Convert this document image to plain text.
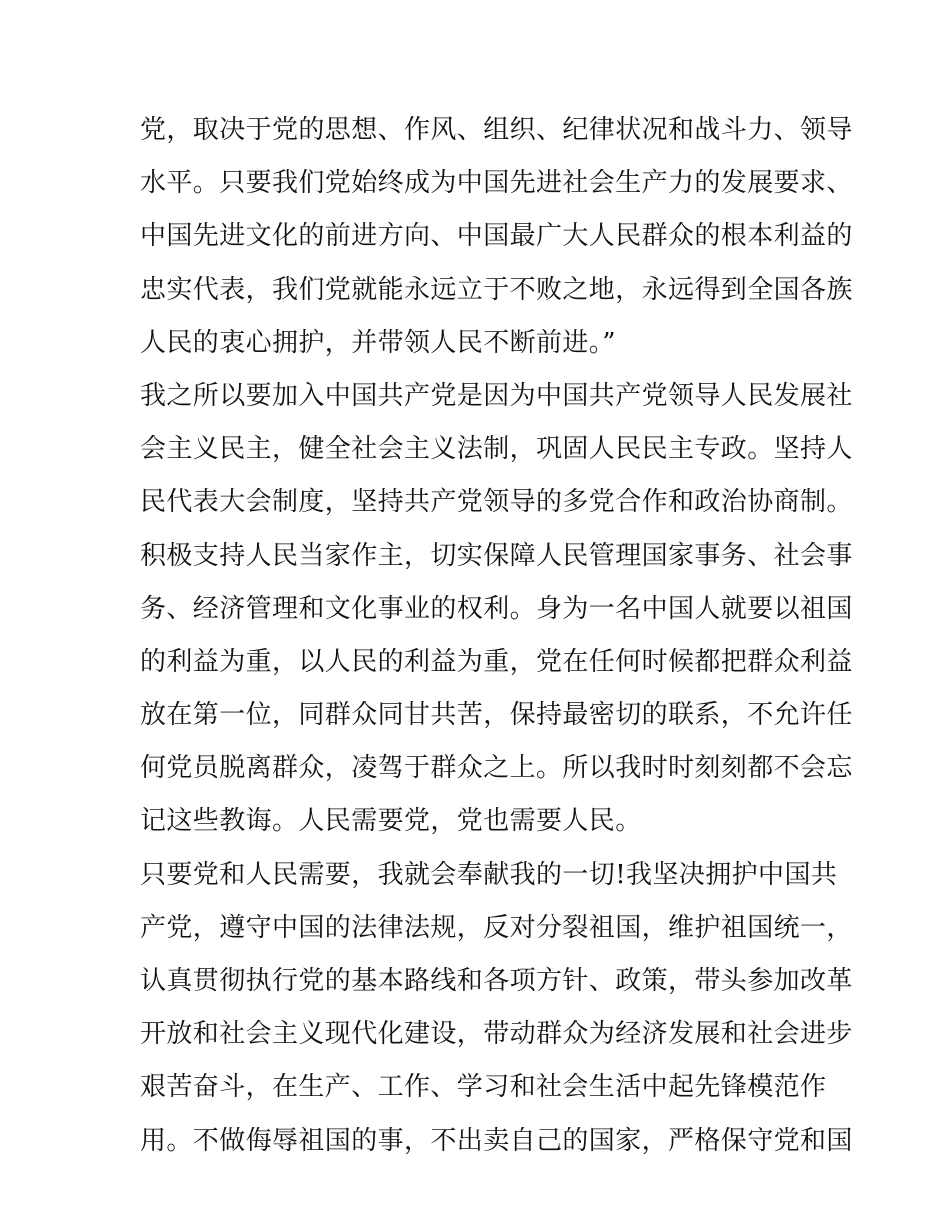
党，取决于党的思想、作风、组织、纪律状况和战斗力、领导
水平。只要我们党始终成为中国先进社会生产力的发展要求、
中国先进文化的前进方向、中国最广大人民群众的根本利益的
忠实代表，我们党就能永远立于不败之地，永远得到全国各族
人民的衷心拥护，并带领人民不断前进。”
我之所以要加入中国共产党是因为中国共产党领导人民发展社
会主义民主，健全社会主义法制，巩固人民民主专政。坚持人
民代表大会制度，坚持共产党领导的多党合作和政治协商制。
积极支持人民当家作主，切实保障人民管理国家事务、社会事
务、经济管理和文化事业的权利。身为一名中国人就要以祖国
的利益为重，以人民的利益为重，党在任何时候都把群众利益
放在第一位，同群众同甘共苦，保持最密切的联系，不允许任
何党员脱离群众，凌驾于群众之上。所以我时时刻刻都不会忘
记这些教诲。人民需要党，党也需要人民。
只要党和人民需要，我就会奉献我的一切!我坚决拥护中国共
产党，遵守中国的法律法规，反对分裂祖国，维护祖国统一，
认真贯彻执行党的基本路线和各项方针、政策，带头参加改革
开放和社会主义现代化建设，带动群众为经济发展和社会进步
艰苦奋斗，在生产、工作、学习和社会生活中起先锋模范作
用。不做侮辱祖国的事，不出卖自己的国家，严格保守党和国
